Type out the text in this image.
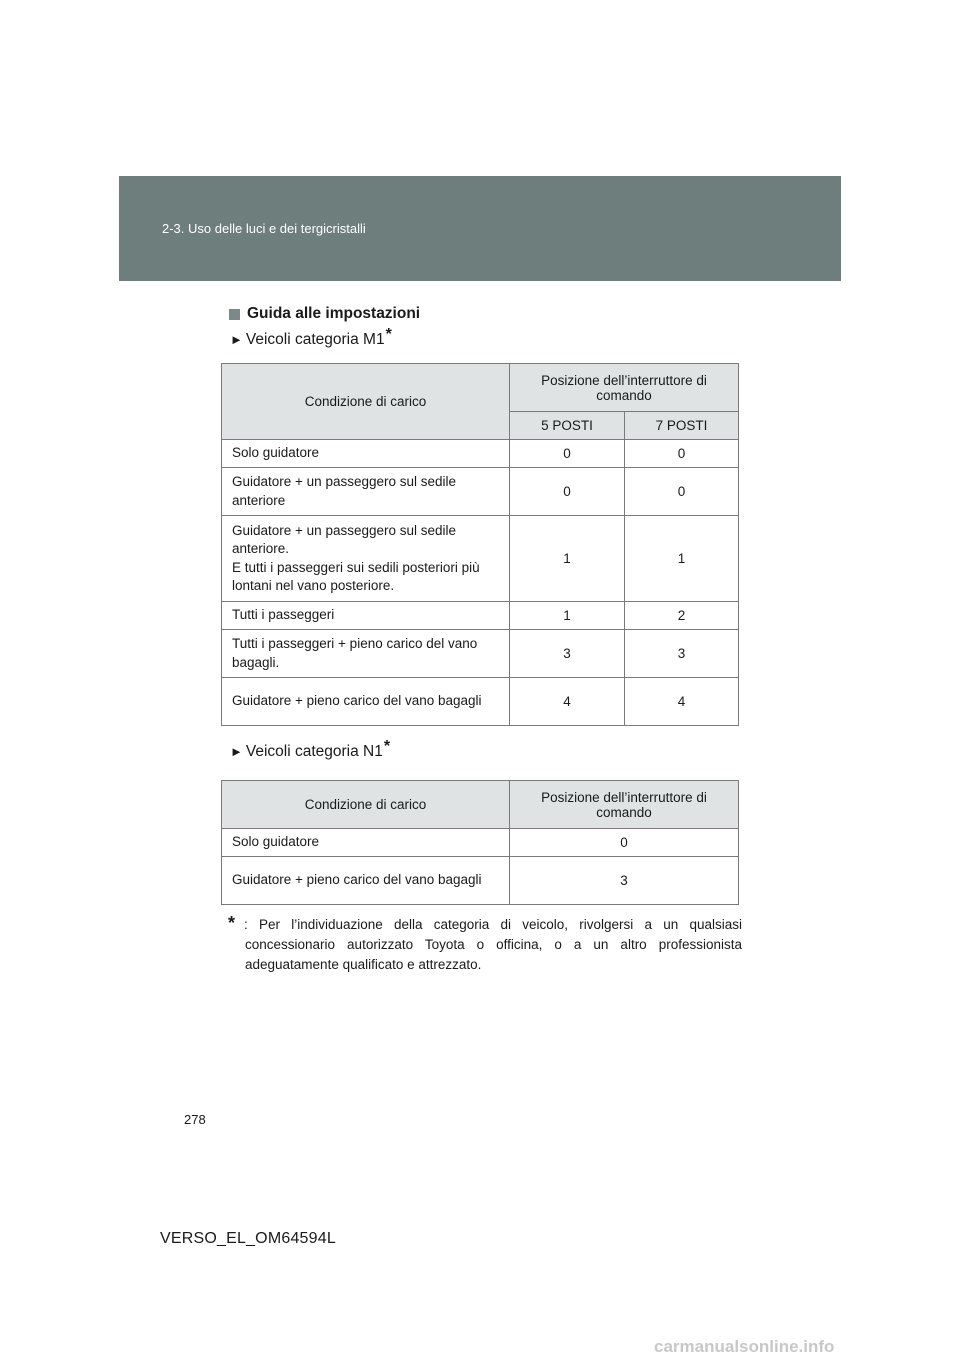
2-3. Uso delle luci e dei tergicristalli
Guida alle impostazioni
► Veicoli categoria M1 *
Condizione di carico	Posizione dell’interruttore di comando	
	5 POSTI	7 POSTI
Solo guidatore	0	0
Guidatore + un passeggero sul sedile anteriore	0	0
Guidatore + un passeggero sul sedile anteriore.
E tutti i passeggeri sui sedili posteriori più lontani nel vano posteriore.	1	1
Tutti i passeggeri	1	2
Tutti i passeggeri + pieno carico del vano bagagli.	3	3
Guidatore + pieno carico del vano bagagli	4	4
► Veicoli categoria N1 *
Condizione di carico	Posizione dell’interruttore di comando
Solo guidatore	0
Guidatore + pieno carico del vano bagagli	3
* : Per l’individuazione della categoria di veicolo, rivolgersi a un qualsiasi concessionario autorizzato Toyota o officina, o a un altro professionista adeguatamente qualificato e attrezzato.
278
VERSO_EL_OM64594L
carmanualsonline.info
